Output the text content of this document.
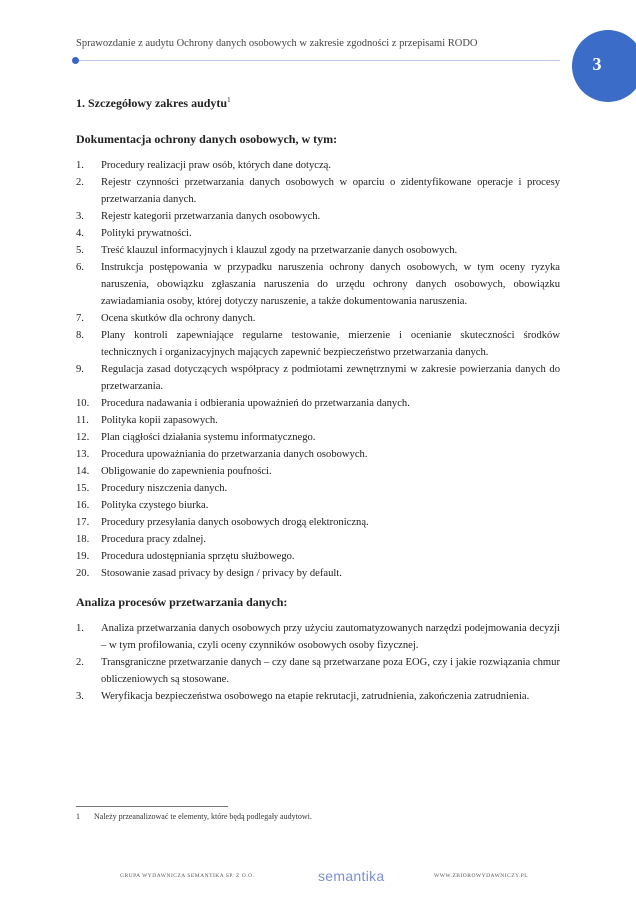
3
Sprawozdanie z audytu Ochrony danych osobowych w zakresie zgodności z przepisami RODO
1. Szczegółowy zakres audytu$^1$
Dokumentacja ochrony danych osobowych, w tym:
1. Procedury realizacji praw osób, których dane dotyczą.
2. Rejestr czynności przetwarzania danych osobowych w oparciu o zidentyfikowane operacje i procesy przetwarzania danych.
3. Rejestr kategorii przetwarzania danych osobowych.
4. Polityki prywatności.
5. Treść klauzul informacyjnych i klauzul zgody na przetwarzanie danych osobowych.
6. Instrukcja postępowania w przypadku naruszenia ochrony danych osobowych, w tym oceny ryzyka naruszenia, obowiązku zgłaszania naruszenia do urzędu ochrony danych osobowych, obowiązku zawiadamiania osoby, której dotyczy naruszenie, a także dokumentowania naruszenia.
7. Ocena skutków dla ochrony danych.
8. Plany kontroli zapewniające regularne testowanie, mierzenie i ocenianie skuteczności środków technicznych i organizacyjnych mających zapewnić bezpieczeństwo przetwarzania danych.
9. Regulacja zasad dotyczących współpracy z podmiotami zewnętrznymi w zakresie powierzania danych do przetwarzania.
10. Procedura nadawania i odbierania upoważnień do przetwarzania danych.
11. Polityka kopii zapasowych.
12. Plan ciągłości działania systemu informatycznego.
13. Procedura upoważniania do przetwarzania danych osobowych.
14. Obligowanie do zapewnienia poufności.
15. Procedury niszczenia danych.
16. Polityka czystego biurka.
17. Procedury przesyłania danych osobowych drogą elektroniczną.
18. Procedura pracy zdalnej.
19. Procedura udostępniania sprzętu służbowego.
20. Stosowanie zasad privacy by design / privacy by default.
Analiza procesów przetwarzania danych:
1. Analiza przetwarzania danych osobowych przy użyciu zautomatyzowanych narzędzi podejmowania decyzji – w tym profilowania, czyli oceny czynników osobowych osoby fizycznej.
2. Transgraniczne przetwarzanie danych – czy dane są przetwarzane poza EOG, czy i jakie rozwiązania chmur obliczeniowych są stosowane.
3. Weryfikacja bezpieczeństwa osobowego na etapie rekrutacji, zatrudnienia, zakończenia zatrudnienia.
1 Należy przeanalizować te elementy, które będą podlegały audytowi.
GRUPA WYDAWNICZA SEMANTIKA SP. Z O.O.	semantika	WWW.ZBIOROWYDAWNICZY.PL
